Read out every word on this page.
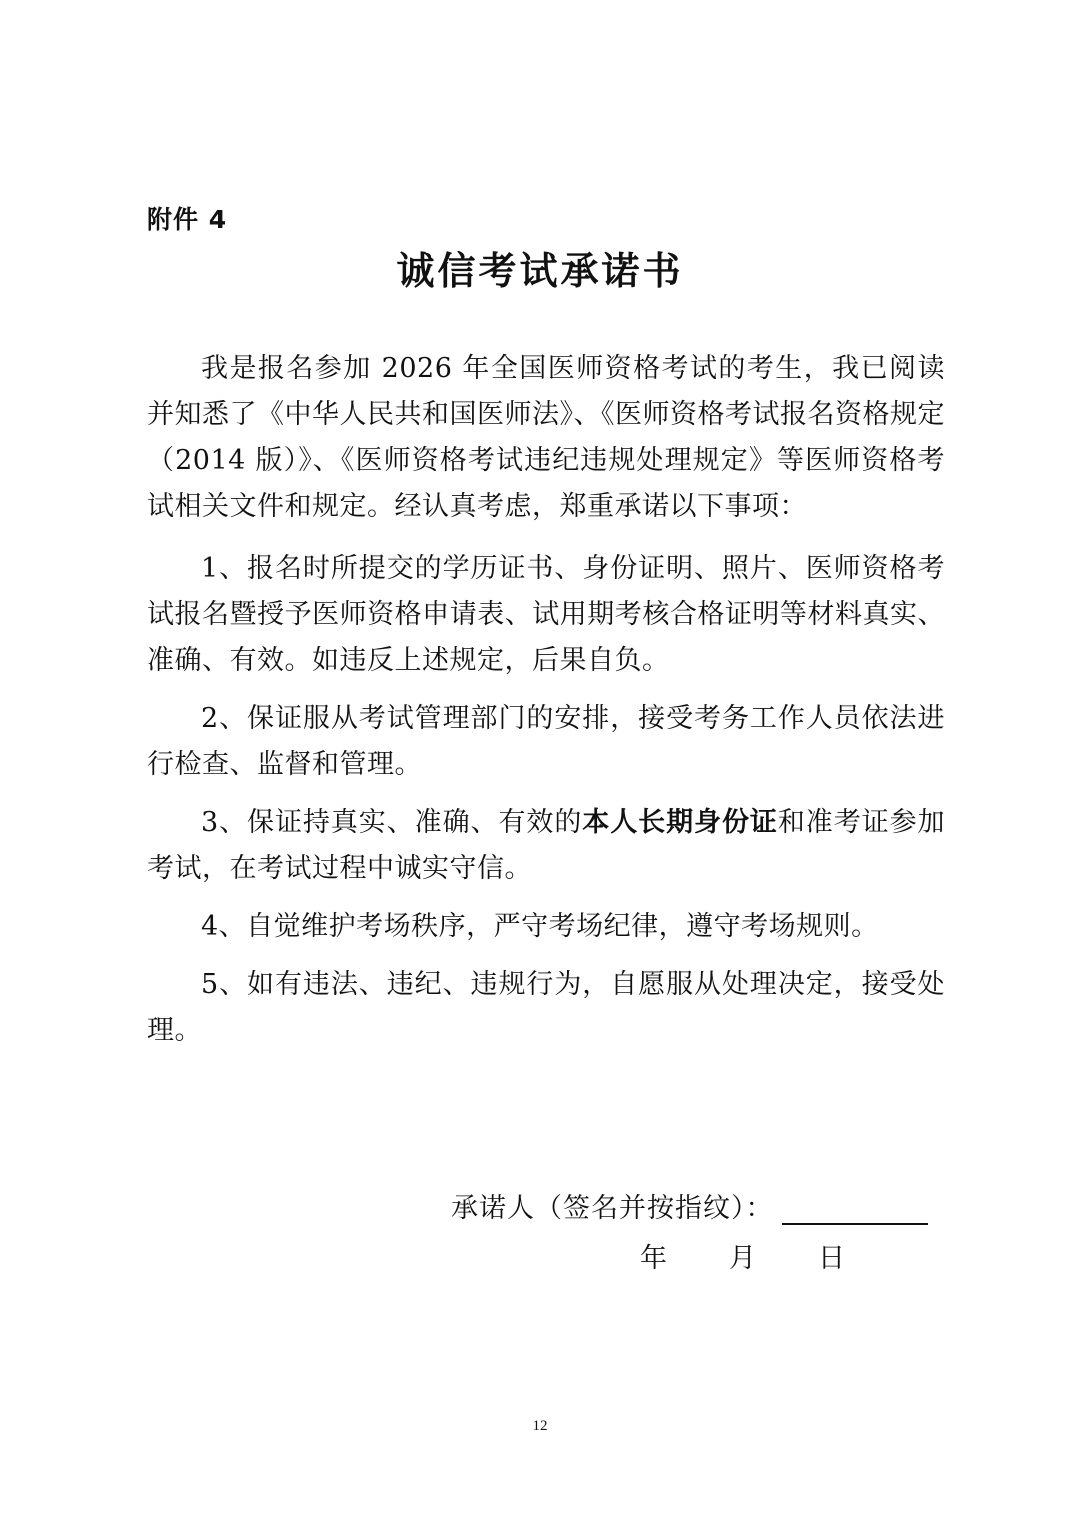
附件 4
诚信考试承诺书

我是报名参加 2026 年全国医师资格考试的考生，我已阅读并知悉了《中华人民共和国医师法》、《医师资格考试报名资格规定（2014 版）》、《医师资格考试违纪违规处理规定》等医师资格考试相关文件和规定。经认真考虑，郑重承诺以下事项：

1、报名时所提交的学历证书、身份证明、照片、医师资格考试报名暨授予医师资格申请表、试用期考核合格证明等材料真实、准确、有效。如违反上述规定，后果自负。

2、保证服从考试管理部门的安排，接受考务工作人员依法进行检查、监督和管理。

3、保证持真实、准确、有效的本人长期身份证和准考证参加考试，在考试过程中诚实守信。

4、自觉维护考场秩序，严守考场纪律，遵守考场规则。

5、如有违法、违纪、违规行为，自愿服从处理决定，接受处理。

承诺人（签名并按指纹）：
年 月 日
12
